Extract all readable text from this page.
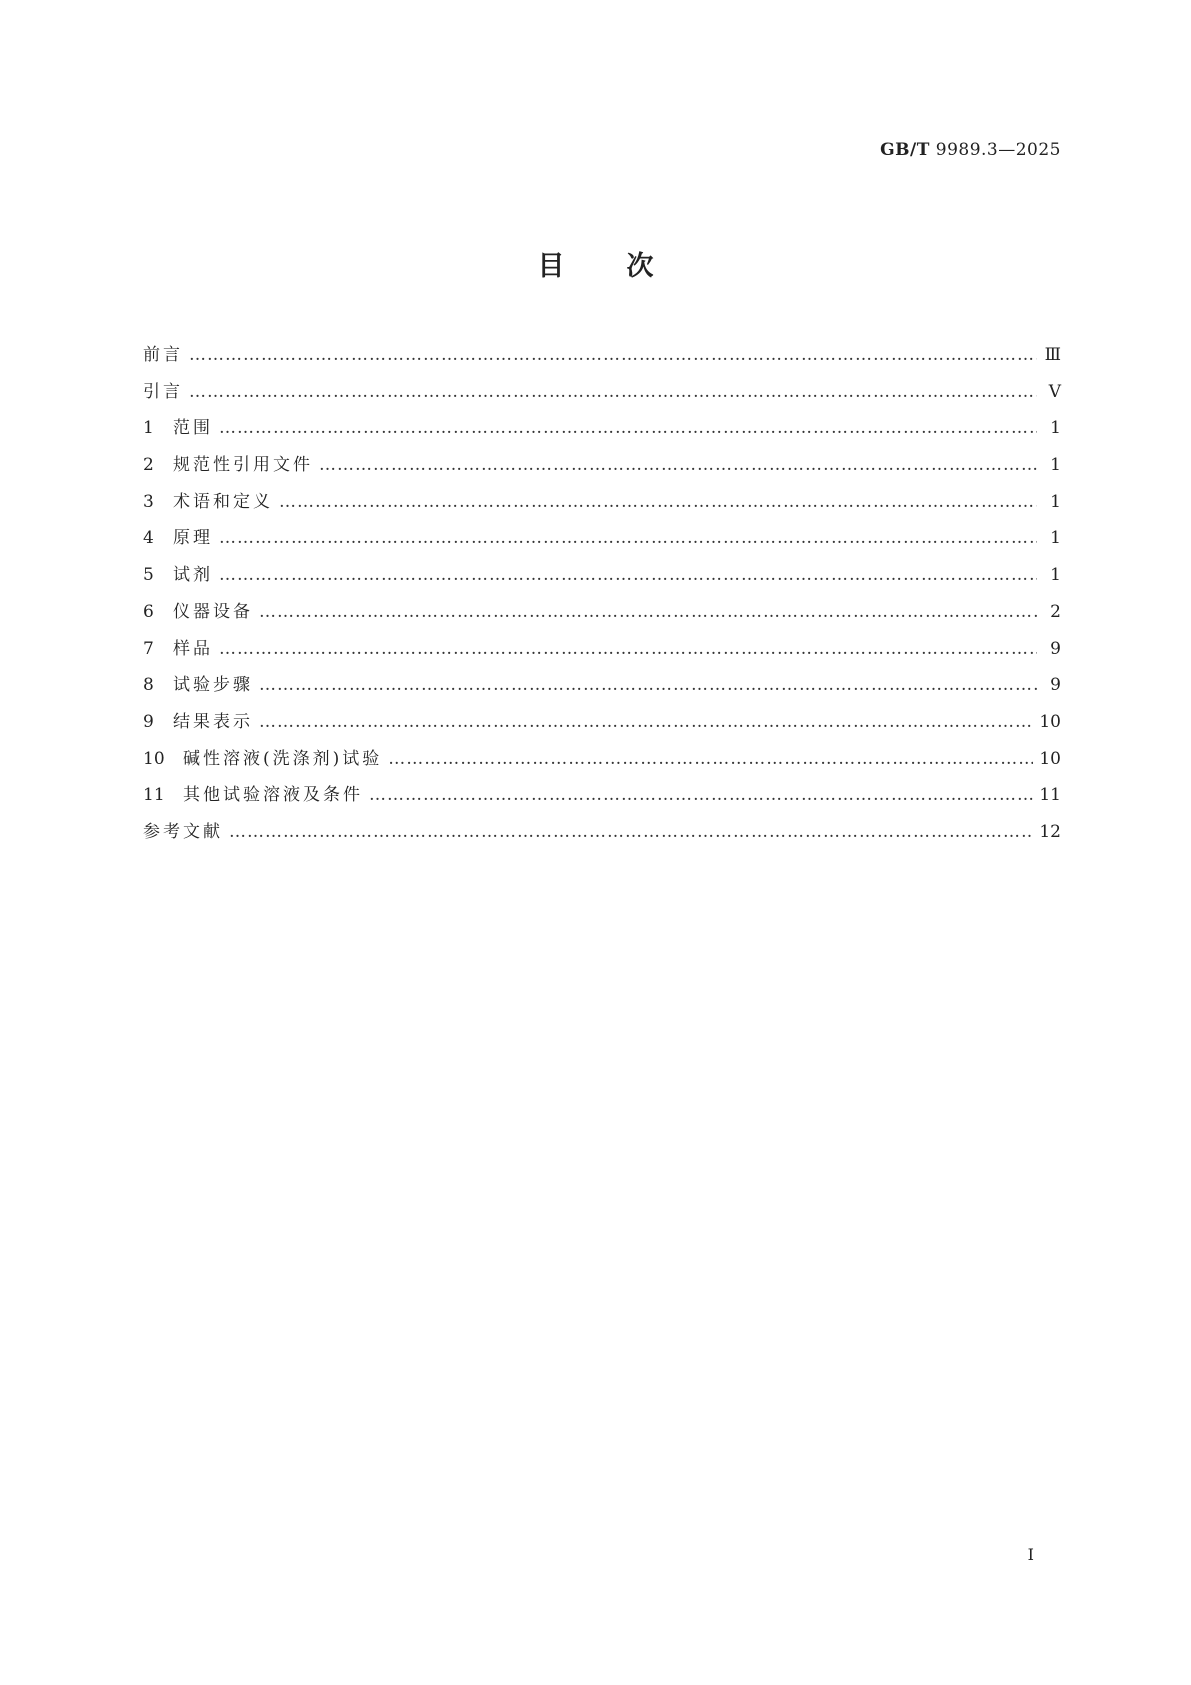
GB/T 9989.3—2025
目次
前言 ……………………………………………………………………………………………………………………………………………………………………………………………………………………………	Ⅲ
引言 ……………………………………………………………………………………………………………………………………………………………………………………………………………………………	Ⅴ
1	范围 ……………………………………………………………………………………………………………………………………………………………………………………………………………………………	1
2	规范性引用文件 ……………………………………………………………………………………………………………………………………………………………………………………………………………………………	1
3	术语和定义 ……………………………………………………………………………………………………………………………………………………………………………………………………………………………	1
4	原理 ……………………………………………………………………………………………………………………………………………………………………………………………………………………………	1
5	试剂 ……………………………………………………………………………………………………………………………………………………………………………………………………………………………	1
6	仪器设备 ……………………………………………………………………………………………………………………………………………………………………………………………………………………………	2
7	样品 ……………………………………………………………………………………………………………………………………………………………………………………………………………………………	9
8	试验步骤 ……………………………………………………………………………………………………………………………………………………………………………………………………………………………	9
9	结果表示 ……………………………………………………………………………………………………………………………………………………………………………………………………………………………	10
10	碱性溶液(洗涤剂)试验 ……………………………………………………………………………………………………………………………………………………………………………………………………………………………	10
11	其他试验溶液及条件 ……………………………………………………………………………………………………………………………………………………………………………………………………………………………	11
参考文献 ……………………………………………………………………………………………………………………………………………………………………………………………………………………………	12
Ⅰ
